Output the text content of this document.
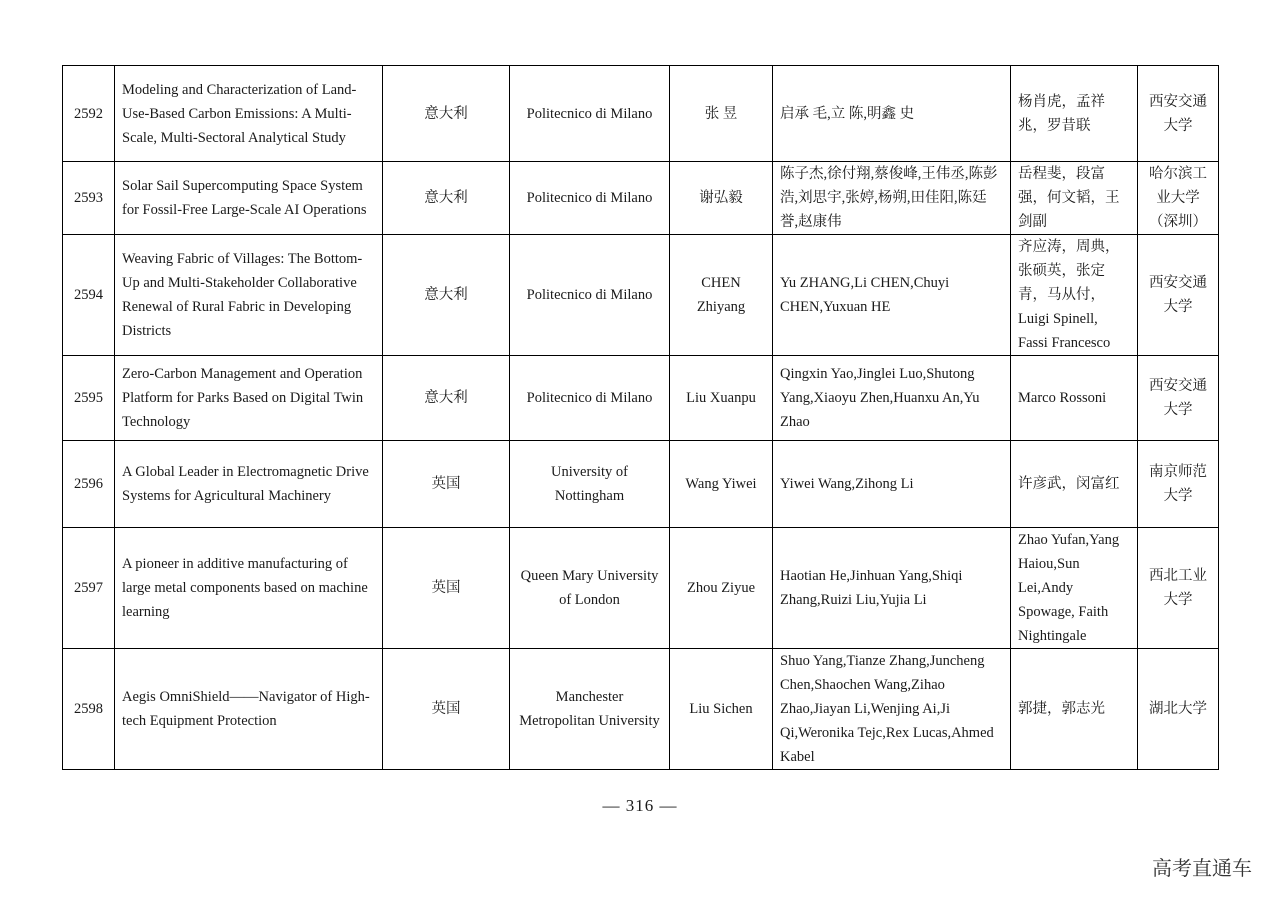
2592	Modeling and Characterization of Land-Use-Based Carbon Emissions: A Multi-Scale, Multi-Sectoral Analytical Study	意大利	Politecnico di Milano	张 昱	启承 毛,立 陈,明鑫 史	杨肖虎，孟祥兆，罗昔联	西安交通大学
2593	Solar Sail Supercomputing Space System for Fossil-Free Large-Scale AI Operations	意大利	Politecnico di Milano	谢弘毅	陈子杰,徐付翔,蔡俊峰,王伟丞,陈彭浩,刘思宇,张婷,杨朔,田佳阳,陈廷誉,赵康伟	岳程斐，段富强，何文韬，王剑副	哈尔滨工业大学（深圳）
2594	Weaving Fabric of Villages: The Bottom-Up and Multi-Stakeholder Collaborative Renewal of Rural Fabric in Developing Districts	意大利	Politecnico di Milano	CHEN Zhiyang	Yu ZHANG,Li CHEN,Chuyi CHEN,Yuxuan HE	齐应涛，周典，张硕英，张定青，马从付，Luigi Spinell, Fassi Francesco	西安交通大学
2595	Zero-Carbon Management and Operation Platform for Parks Based on Digital Twin Technology	意大利	Politecnico di Milano	Liu Xuanpu	Qingxin Yao,Jinglei Luo,Shutong Yang,Xiaoyu Zhen,Huanxu An,Yu Zhao	Marco Rossoni	西安交通大学
2596	A Global Leader in Electromagnetic Drive Systems for Agricultural Machinery	英国	University of Nottingham	Wang Yiwei	Yiwei Wang,Zihong Li	许彦武，闵富红	南京师范大学
2597	A pioneer in additive manufacturing of large metal components based on machine learning	英国	Queen Mary University of London	Zhou Ziyue	Haotian He,Jinhuan Yang,Shiqi Zhang,Ruizi Liu,Yujia Li	Zhao Yufan,Yang Haiou,Sun Lei,Andy Spowage, Faith Nightingale	西北工业大学
2598	Aegis OmniShield——Navigator of High-tech Equipment Protection	英国	Manchester Metropolitan University	Liu Sichen	Shuo Yang,Tianze Zhang,Juncheng Chen,Shaochen Wang,Zihao Zhao,Jiayan Li,Wenjing Ai,Ji Qi,Weronika Tejc,Rex Lucas,Ahmed Kabel	郭捷，郭志光	湖北大学
— 316 —
高考直通车
